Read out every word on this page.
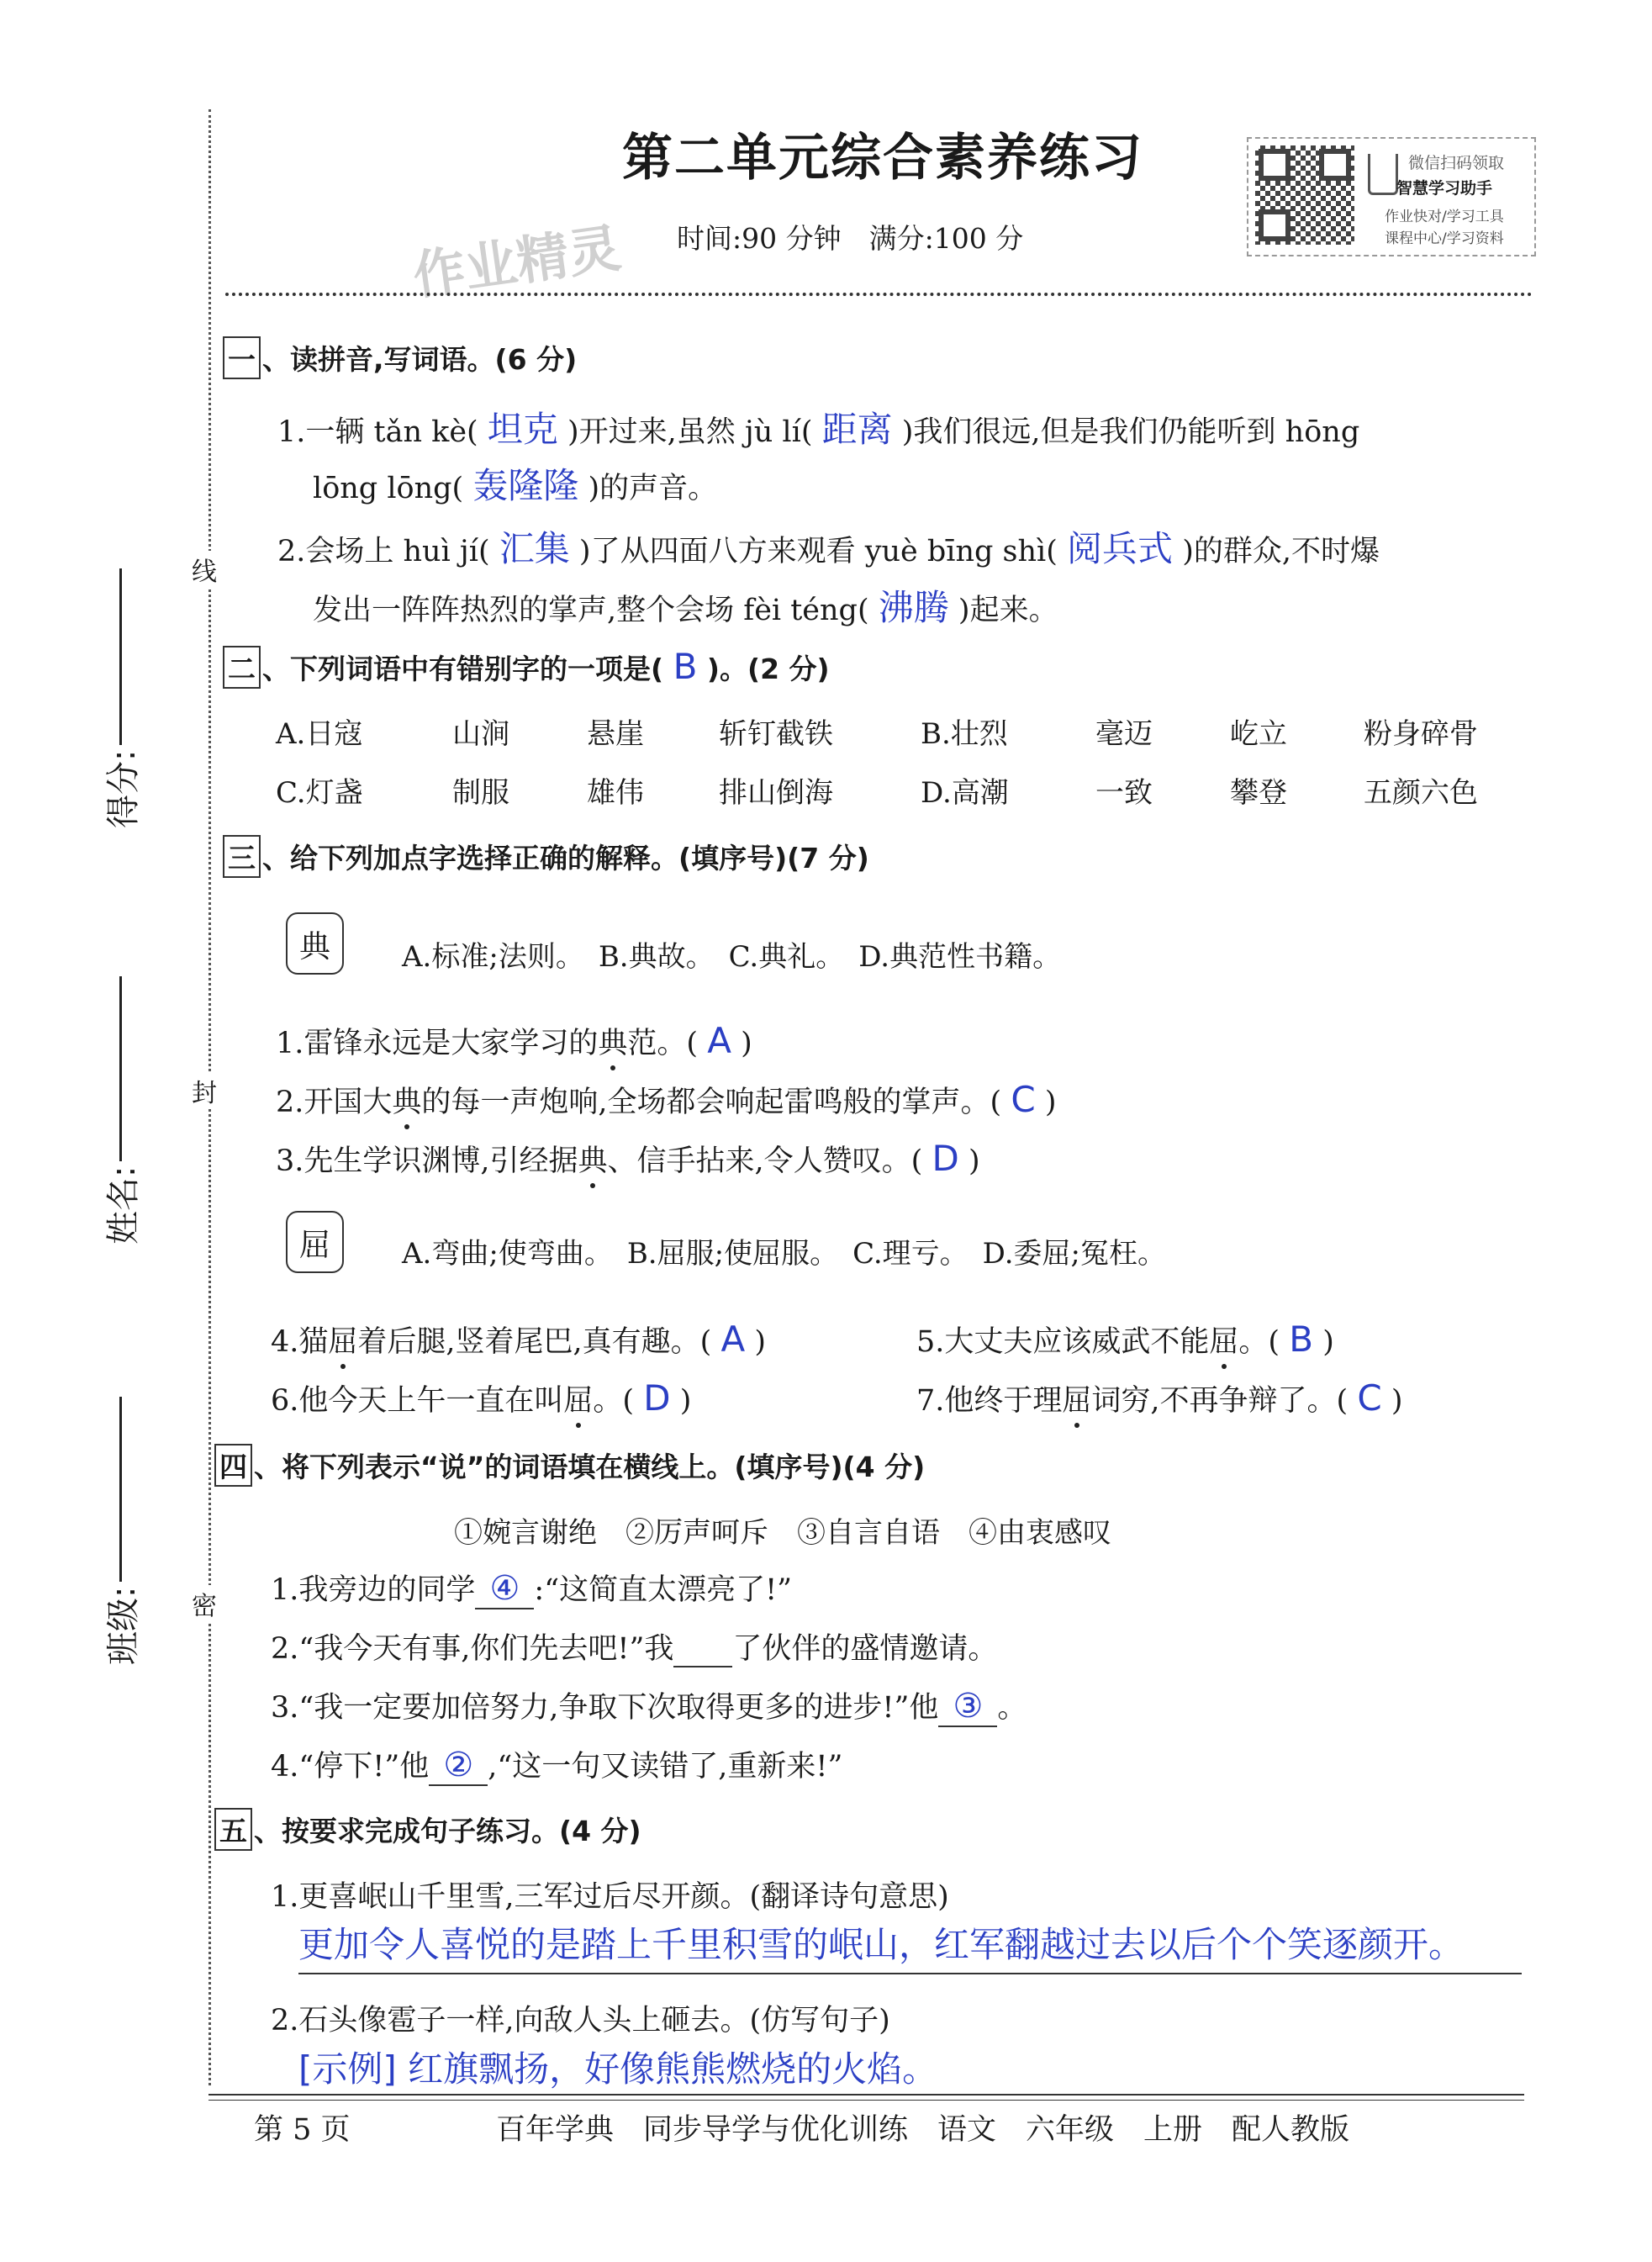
线
封
密
得分:
姓名:
班级:
第二单元综合素养练习
时间:90 分钟　满分:100 分
作业精灵
微信扫码领取
智慧学习助手
作业快对/学习工具
课程中心/学习资料
一 、读拼音,写词语。(6 分)
1.一辆 tǎn kè( 坦克 )开过来,虽然 jù lí( 距离 )我们很远,但是我们仍能听到 hōng
lōng lōng( 轰隆隆 )的声音。
2.会场上 huì jí( 汇集 )了从四面八方来观看 yuè bīng shì( 阅兵式 )的群众,不时爆
发出一阵阵热烈的掌声,整个会场 fèi téng( 沸腾 )起来。
二 、下列词语中有错别字的一项是( B )。(2 分)
A.日寇	山涧	悬崖	斩钉截铁	B.壮烈	毫迈	屹立	粉身碎骨
C.灯盏	制服	雄伟	排山倒海	D.高潮	一致	攀登	五颜六色
三 、给下列加点字选择正确的解释。(填序号)(7 分)
典	A.标准;法则。　B.典故。　C.典礼。　D.典范性书籍。
1.雷锋永远是大家学习的典范。( A )
2.开国大典的每一声炮响,全场都会响起雷鸣般的掌声。( C )
3.先生学识渊博,引经据典、信手拈来,令人赞叹。( D )
屈	A.弯曲;使弯曲。　B.屈服;使屈服。　C.理亏。　D.委屈;冤枉。
4.猫屈着后腿,竖着尾巴,真有趣。( A )	5.大丈夫应该威武不能屈。( B )
6.他今天上午一直在叫屈。( D )	7.他终于理屈词穷,不再争辩了。( C )
四 、将下列表示“说”的词语填在横线上。(填序号)(4 分)
①婉言谢绝　②厉声呵斥　③自言自语　④由衷感叹
1.我旁边的同学 ④ :“这简直太漂亮了!”
2.“我今天有事,你们先去吧!”我 了伙伴的盛情邀请。
3.“我一定要加倍努力,争取下次取得更多的进步!”他 ③ 。
4.“停下!”他 ② ,“这一句又读错了,重新来!”
五 、按要求完成句子练习。(4 分)
1.更喜岷山千里雪,三军过后尽开颜。(翻译诗句意思)
更加令人喜悦的是踏上千里积雪的岷山，红军翻越过去以后个个笑逐颜开。
2.石头像雹子一样,向敌人头上砸去。(仿写句子)
[示例] 红旗飘扬，好像熊熊燃烧的火焰。
第 5 页	百年学典　同步导学与优化训练　语文　六年级　上册　配人教版
